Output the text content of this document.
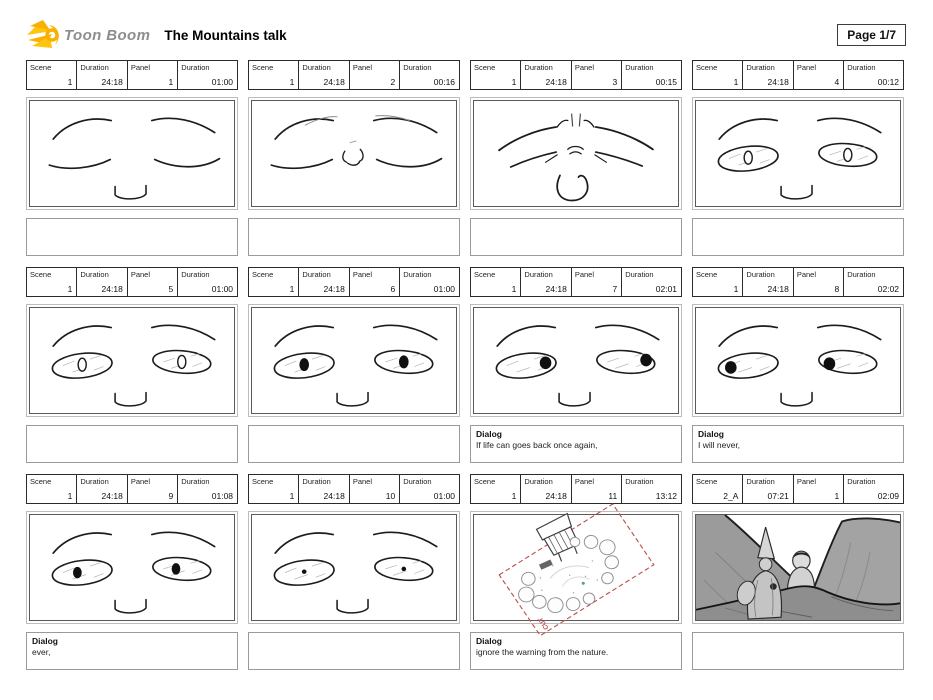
Toon Boom The Mountains talk	Page 1/7
Scene
1
Duration
24:18
Panel
1
Duration
01:00
Scene
1
Duration
24:18
Panel
2
Duration
00:16
Scene
1
Duration
24:18
Panel
3
Duration
00:15
Scene
1
Duration
24:18
Panel
4
Duration
00:12
Scene
1
Duration
24:18
Panel
5
Duration
01:00
Scene
1
Duration
24:18
Panel
6
Duration
01:00
Scene
1
Duration
24:18
Panel
7
Duration
02:01
Dialog
If life can goes back once again,
Scene
1
Duration
24:18
Panel
8
Duration
02:02
Dialog
I will never,
Scene
1
Duration
24:18
Panel
9
Duration
01:08
Dialog
ever,
Scene
1
Duration
24:18
Panel
10
Duration
01:00
Scene
1
Duration
24:18
Panel
11
Duration
13:12
CUT
Dialog
ignore the warning from the nature.
Scene
2_A
Duration
07:21
Panel
1
Duration
02:09
